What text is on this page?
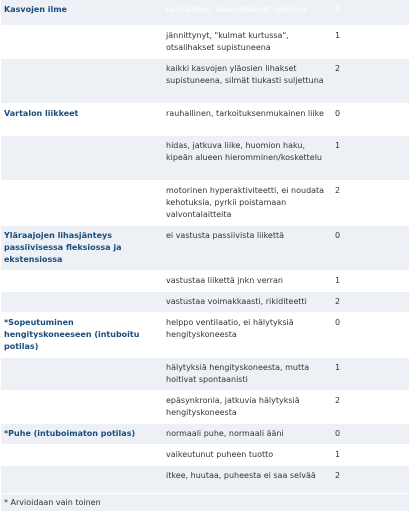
Kasvojen ilme	rauhallinen, kasvolihakset rentoina	0
	jännittynyt, "kulmat kurtussa", otsalihakset supistuneena	1
	kaikki kasvojen yläosien lihakset supistuneena, silmät tiukasti suljettuna	2
Vartalon liikkeet	rauhallinen, tarkoituksenmukainen liike	0
	hidas, jatkuva liike, huomion haku, kipeän alueen hieromminen/koskettelu	1
	motorinen hyperaktiviteetti, ei noudata kehotuksia, pyrkii poistamaan valvontalaitteita	2
Yläraajojen lihasjänteys passiivisessa fleksiossa ja ekstensiossa	ei vastusta passiivista liikettä	0
	vastustaa liikettä jnkn verran	1
	vastustaa voimakkaasti, rikiditeetti	2
*Sopeutuminen hengityskoneeseen (intuboitu potilas)	helppo ventilaatio, ei hälytyksiä hengityskoneesta	0
	hälytyksiä hengityskoneesta, mutta hoitivat spontaanisti	1
	epäsynkronia, jatkuvia hälytyksiä hengityskoneesta	2
*Puhe (intuboimaton potilas)	normaali puhe, normaali ääni	0
	vaikeutunut puheen tuotto	1
	itkee, huutaa, puheesta ei saa selvää	2
* Arvioidaan vain toinen
